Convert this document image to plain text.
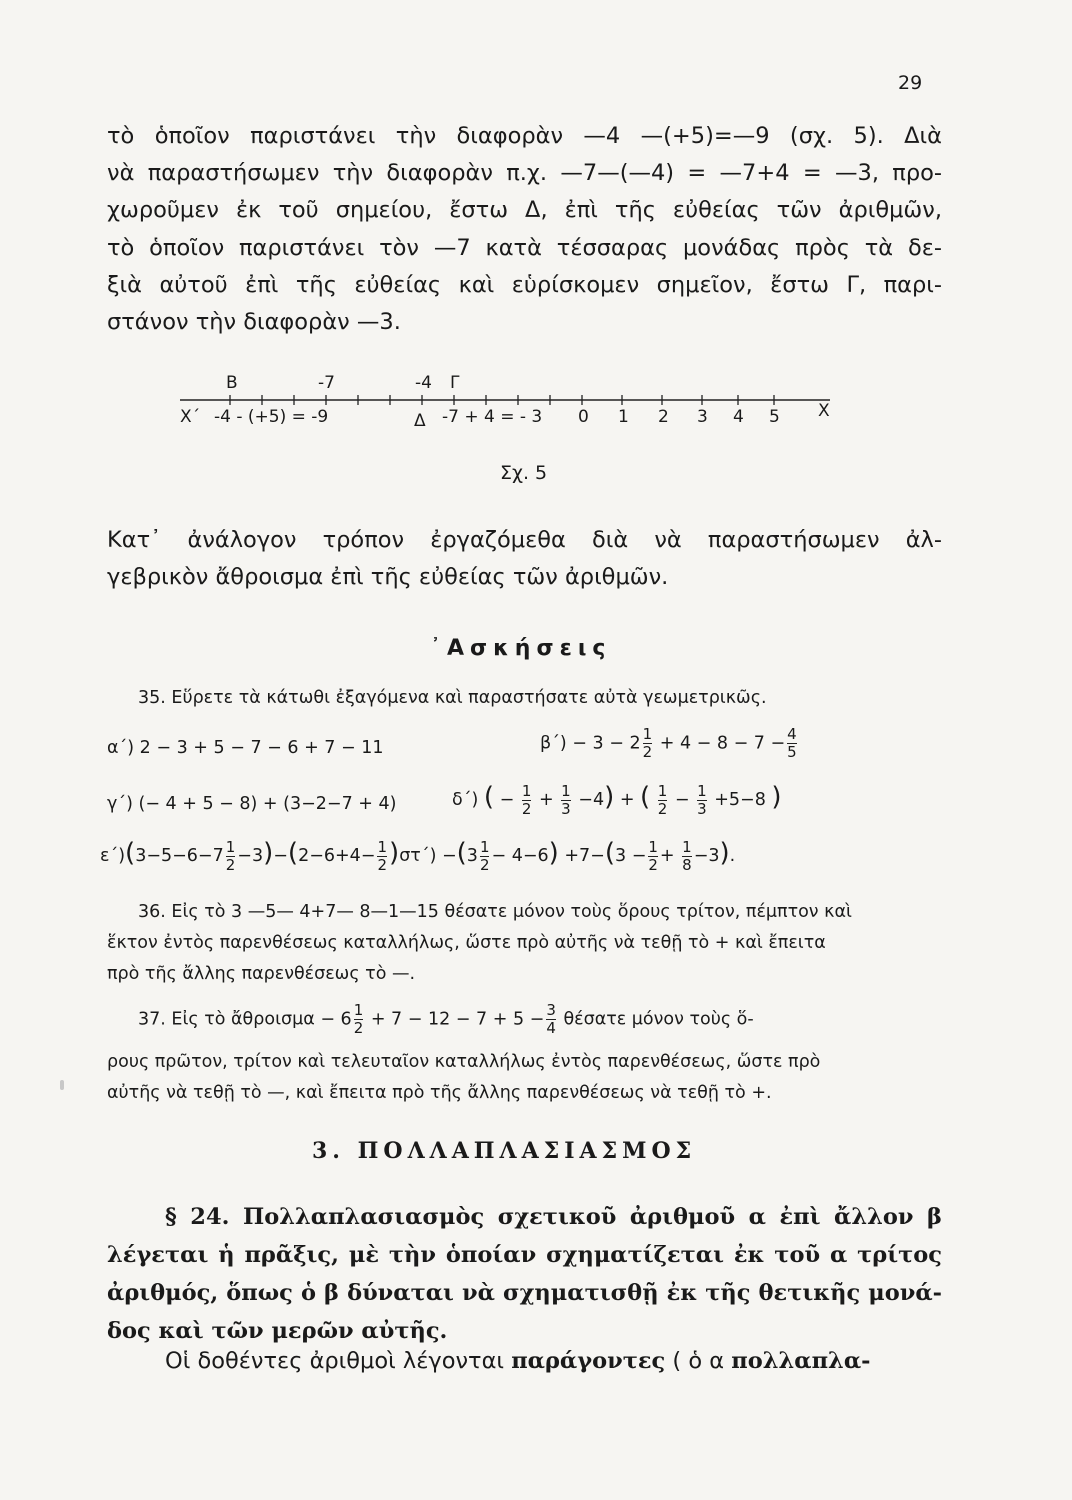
29
τὸ ὁποῖον παριστάνει τὴν διαφορὰν —4 —(+5)=—9 (σχ. 5). Διὰ
νὰ παραστήσωμεν τὴν διαφορὰν π.χ. —7—(—4) = —7+4 = —3, προ-
χωροῦμεν ἐκ τοῦ σημείου, ἔστω Δ, ἐπὶ τῆς εὐθείας τῶν ἀριθμῶν,
τὸ ὁποῖον παριστάνει τὸν —7 κατὰ τέσσαρας μονάδας πρὸς τὰ δε-
ξιὰ αὐτοῦ ἐπὶ τῆς εὐθείας καὶ εὑρίσκομεν σημεῖον, ἔστω Γ, παρι-
στάνον τὴν διαφορὰν —3.
Β	-7	-4 Γ
Χ΄ -4 - (+5) = -9	Δ -7 + 4 = - 3 0 1 2 3 4 5 Χ
Σχ. 5
Κατ᾽ ἀνάλογον τρόπον ἐργαζόμεθα διὰ νὰ παραστήσωμεν ἀλ-
γεβρικὸν ἄθροισμα ἐπὶ τῆς εὐθείας τῶν ἀριθμῶν.
᾽Ασκήσεις
35. Εὕρετε τὰ κάτωθι ἐξαγόμενα καὶ παραστήσατε αὐτὰ γεωμετρικῶς.
α΄) 2 − 3 + 5 − 7 − 6 + 7 − 11	$\beta΄) - 3 - 2 \frac{1}{2} + 4 - 8 - 7 - \frac{4}{5}$
γ΄) (− 4 + 5 − 8) + (3−2−7 + 4)	δ΄) ( − $\frac{1}{2} + \frac{1}{3} -4$) + ( $\frac{1}{2} - \frac{1}{3} +5-8$ )
$\varepsilon΄)(3-5-6-7 \frac{1}{2} -3)-(2-6+4- \frac{1}{2} )\sigma\tau΄) -(3 \frac{1}{2} - 4-6) +7-(3 - \frac{1}{2} + \frac{1}{8} -3)$.
36. Εἰς τὸ 3 —5— 4+7— 8—1—15 θέσατε μόνον τοὺς ὅρους τρίτον, πέμπτον καὶ
ἕκτον ἐντὸς παρενθέσεως καταλλήλως, ὥστε πρὸ αὐτῆς νὰ τεθῇ τὸ + καὶ ἔπειτα
πρὸ τῆς ἄλλης παρενθέσεως τὸ —.
37. Εἰς τὸ ἄθροισμα − $6 \frac{1}{2} + 7 - 12 - 7 + 5 - \frac{3}{4}$ θέσατε μόνον τοὺς ὅ-
ρους πρῶτον, τρίτον καὶ τελευταῖον καταλλήλως ἐντὸς παρενθέσεως, ὥστε πρὸ
αὐτῆς νὰ τεθῇ τὸ —, καὶ ἔπειτα πρὸ τῆς ἄλλης παρενθέσεως νὰ τεθῇ τὸ +.
3. ΠΟΛΛΑΠΛΑΣΙΑΣΜΟΣ
§ 24. Πολλαπλασιασμὸς σχετικοῦ ἀριθμοῦ α ἐπὶ ἄλλον β
λέγεται ἡ πρᾶξις, μὲ τὴν ὁποίαν σχηματίζεται ἐκ τοῦ α τρίτος
ἀριθμός, ὅπως ὁ β δύναται νὰ σχηματισθῇ ἐκ τῆς θετικῆς μονά-
δος καὶ τῶν μερῶν αὐτῆς.
Οἱ δοθέντες ἀριθμοὶ λέγονται παράγοντες ( ὁ α πολλαπλα-
